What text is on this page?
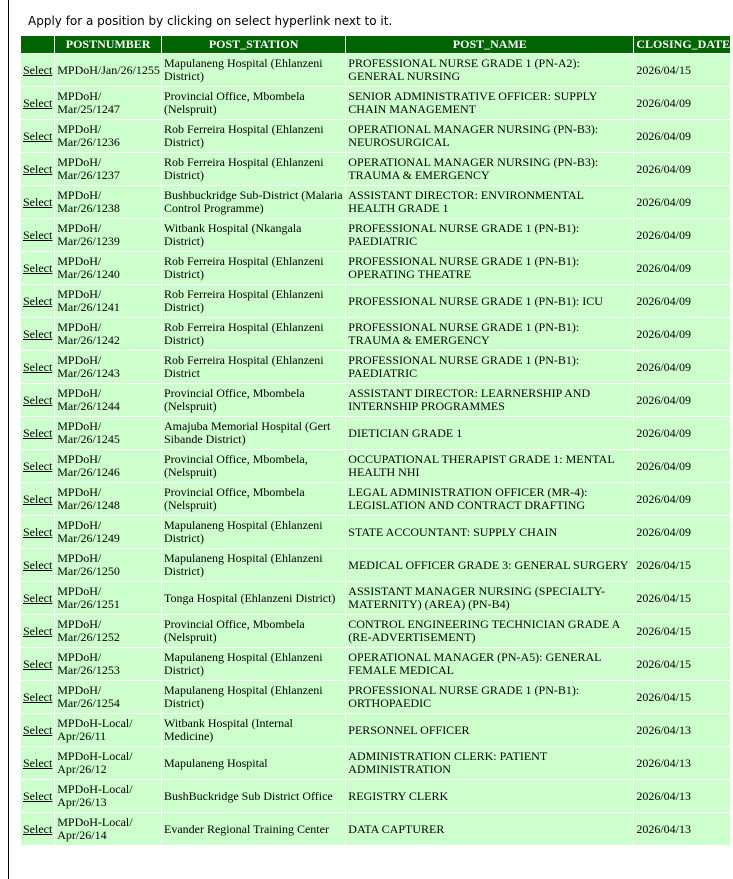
Apply for a position by clicking on select hyperlink next to it.
	POSTNUMBER	POST_STATION	POST_NAME	CLOSING_DATE
Select	MPDoH/Jan/26/1255	Mapulaneng Hospital (Ehlanzeni District)	PROFESSIONAL NURSE GRADE 1 (PN-A2): GENERAL NURSING	2026/04/15
Select	MPDoH/ Mar/25/1247	Provincial Office, Mbombela (Nelspruit)	SENIOR ADMINISTRATIVE OFFICER: SUPPLY CHAIN MANAGEMENT	2026/04/09
Select	MPDoH/ Mar/26/1236	Rob Ferreira Hospital (Ehlanzeni District)	OPERATIONAL MANAGER NURSING (PN-B3): NEUROSURGICAL	2026/04/09
Select	MPDoH/ Mar/26/1237	Rob Ferreira Hospital (Ehlanzeni District)	OPERATIONAL MANAGER NURSING (PN-B3): TRAUMA & EMERGENCY	2026/04/09
Select	MPDoH/ Mar/26/1238	Bushbuckridge Sub-District (Malaria Control Programme)	ASSISTANT DIRECTOR: ENVIRONMENTAL HEALTH GRADE 1	2026/04/09
Select	MPDoH/ Mar/26/1239	Witbank Hospital (Nkangala District)	PROFESSIONAL NURSE GRADE 1 (PN-B1): PAEDIATRIC	2026/04/09
Select	MPDoH/ Mar/26/1240	Rob Ferreira Hospital (Ehlanzeni District)	PROFESSIONAL NURSE GRADE 1 (PN-B1): OPERATING THEATRE	2026/04/09
Select	MPDoH/ Mar/26/1241	Rob Ferreira Hospital (Ehlanzeni District)	PROFESSIONAL NURSE GRADE 1 (PN-B1): ICU	2026/04/09
Select	MPDoH/ Mar/26/1242	Rob Ferreira Hospital (Ehlanzeni District)	PROFESSIONAL NURSE GRADE 1 (PN-B1): TRAUMA & EMERGENCY	2026/04/09
Select	MPDoH/ Mar/26/1243	Rob Ferreira Hospital (Ehlanzeni District	PROFESSIONAL NURSE GRADE 1 (PN-B1): PAEDIATRIC	2026/04/09
Select	MPDoH/ Mar/26/1244	Provincial Office, Mbombela (Nelspruit)	ASSISTANT DIRECTOR: LEARNERSHIP AND INTERNSHIP PROGRAMMES	2026/04/09
Select	MPDoH/ Mar/26/1245	Amajuba Memorial Hospital (Gert Sibande District)	DIETICIAN GRADE 1	2026/04/09
Select	MPDoH/ Mar/26/1246	Provincial Office, Mbombela, (Nelspruit)	OCCUPATIONAL THERAPIST GRADE 1: MENTAL HEALTH NHI	2026/04/09
Select	MPDoH/ Mar/26/1248	Provincial Office, Mbombela (Nelspruit)	LEGAL ADMINISTRATION OFFICER (MR-4): LEGISLATION AND CONTRACT DRAFTING	2026/04/09
Select	MPDoH/ Mar/26/1249	Mapulaneng Hospital (Ehlanzeni District)	STATE ACCOUNTANT: SUPPLY CHAIN	2026/04/09
Select	MPDoH/ Mar/26/1250	Mapulaneng Hospital (Ehlanzeni District)	MEDICAL OFFICER GRADE 3: GENERAL SURGERY	2026/04/15
Select	MPDoH/ Mar/26/1251	Tonga Hospital (Ehlanzeni District)	ASSISTANT MANAGER NURSING (SPECIALTY-MATERNITY) (AREA) (PN-B4)	2026/04/15
Select	MPDoH/ Mar/26/1252	Provincial Office, Mbombela (Nelspruit)	CONTROL ENGINEERING TECHNICIAN GRADE A (RE-ADVERTISEMENT)	2026/04/15
Select	MPDoH/ Mar/26/1253	Mapulaneng Hospital (Ehlanzeni District)	OPERATIONAL MANAGER (PN-A5): GENERAL FEMALE MEDICAL	2026/04/15
Select	MPDoH/ Mar/26/1254	Mapulaneng Hospital (Ehlanzeni District)	PROFESSIONAL NURSE GRADE 1 (PN-B1): ORTHOPAEDIC	2026/04/15
Select	MPDoH-Local/ Apr/26/11	Witbank Hospital (Internal Medicine)	PERSONNEL OFFICER	2026/04/13
Select	MPDoH-Local/ Apr/26/12	Mapulaneng Hospital	ADMINISTRATION CLERK: PATIENT ADMINISTRATION	2026/04/13
Select	MPDoH-Local/ Apr/26/13	BushBuckridge Sub District Office	REGISTRY CLERK	2026/04/13
Select	MPDoH-Local/ Apr/26/14	Evander Regional Training Center	DATA CAPTURER	2026/04/13
